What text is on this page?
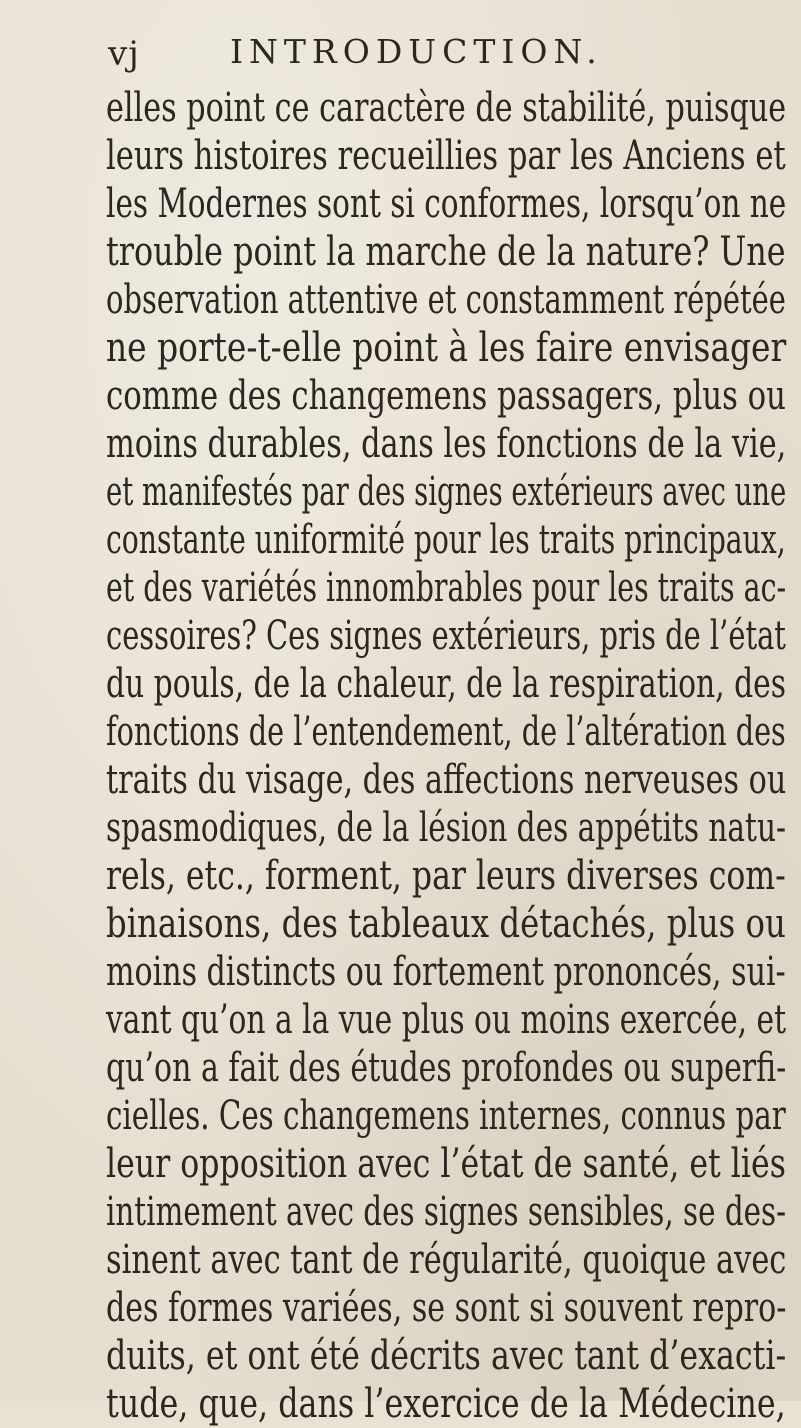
vj	INTRODUCTION.
elles point ce caractère de stabilité, puisque
leurs histoires recueillies par les Anciens et
les Modernes sont si conformes, lorsqu’on ne
trouble point la marche de la nature? Une
observation attentive et constamment répétée
ne porte-t-elle point à les faire envisager
comme des changemens passagers, plus ou
moins durables, dans les fonctions de la vie,
et manifestés par des signes extérieurs avec une
constante uniformité pour les traits principaux,
et des variétés innombrables pour les traits ac-
cessoires? Ces signes extérieurs, pris de l’état
du pouls, de la chaleur, de la respiration, des
fonctions de l’entendement, de l’altération des
traits du visage, des affections nerveuses ou
spasmodiques, de la lésion des appétits natu-
rels, etc., forment, par leurs diverses com-
binaisons, des tableaux détachés, plus ou
moins distincts ou fortement prononcés, sui-
vant qu’on a la vue plus ou moins exercée, et
qu’on a fait des études profondes ou superfi-
cielles. Ces changemens internes, connus par
leur opposition avec l’état de santé, et liés
intimement avec des signes sensibles, se des-
sinent avec tant de régularité, quoique avec
des formes variées, se sont si souvent repro-
duits, et ont été décrits avec tant d’exacti-
tude, que, dans l’exercice de la Médecine,
